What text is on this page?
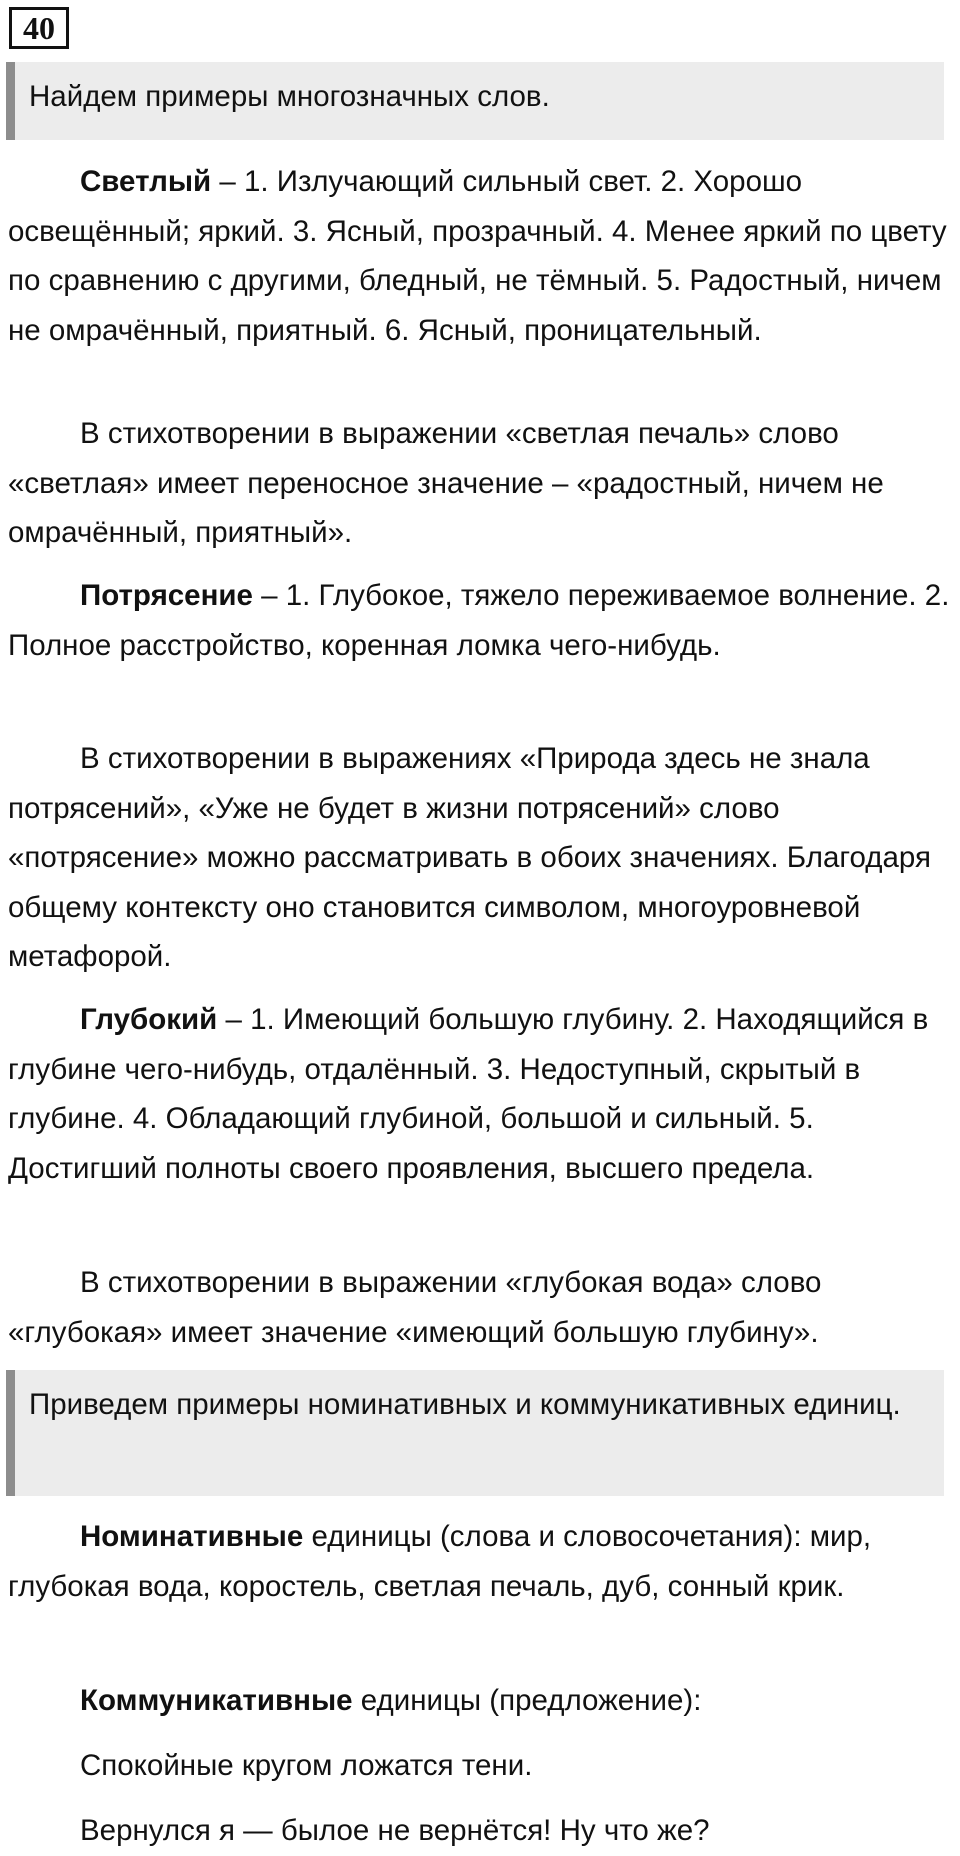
40
Найдем примеры многозначных слов.

Светлый – 1. Излучающий сильный свет. 2. Хорошо освещённый; яркий. 3. Ясный, прозрачный. 4. Менее яркий по цвету по сравнению с другими, бледный, не тёмный. 5. Радостный, ничем не омрачённый, приятный. 6. Ясный, проницательный.

В стихотворении в выражении «светлая печаль» слово «светлая» имеет переносное значение – «радостный, ничем не омрачённый, приятный».

Потрясение – 1. Глубокое, тяжело переживаемое волнение. 2. Полное расстройство, коренная ломка чего-нибудь.

В стихотворении в выражениях «Природа здесь не знала потрясений», «Уже не будет в жизни потрясений» слово «потрясение» можно рассматривать в обоих значениях. Благодаря общему контексту оно становится символом, многоуровневой метафорой.

Глубокий – 1. Имеющий большую глубину. 2. Находящийся в глубине чего-нибудь, отдалённый. 3. Недоступный, скрытый в глубине. 4. Обладающий глубиной, большой и сильный. 5. Достигший полноты своего проявления, высшего предела.

В стихотворении в выражении «глубокая вода» слово «глубокая» имеет значение «имеющий большую глубину».

Приведем примеры номинативных и коммуникативных единиц.

Номинативные единицы (слова и словосочетания): мир, глубокая вода, коростель, светлая печаль, дуб, сонный крик.

Коммуникативные единицы (предложение):

Спокойные кругом ложатся тени.

Вернулся я — былое не вернётся! Ну что же?
